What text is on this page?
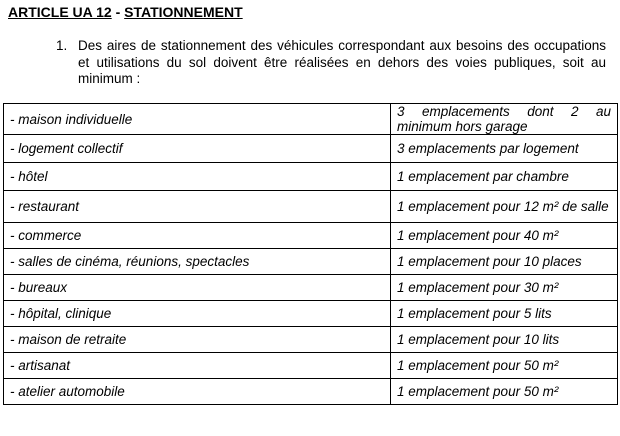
ARTICLE UA 12 - STATIONNEMENT
1. Des aires de stationnement des véhicules correspondant aux besoins des occupations et utilisations du sol doivent être réalisées en dehors des voies publiques, soit au minimum :
- maison individuelle	3 emplacements dont 2 au minimum hors garage
- logement collectif	3 emplacements par logement
- hôtel	1 emplacement par chambre
- restaurant	1 emplacement pour 12 m² de salle
- commerce	1 emplacement pour 40 m²
- salles de cinéma, réunions, spectacles	1 emplacement pour 10 places
- bureaux	1 emplacement pour 30 m²
- hôpital, clinique	1 emplacement pour 5 lits
- maison de retraite	1 emplacement pour 10 lits
- artisanat	1 emplacement pour 50 m²
- atelier automobile	1 emplacement pour 50 m²
